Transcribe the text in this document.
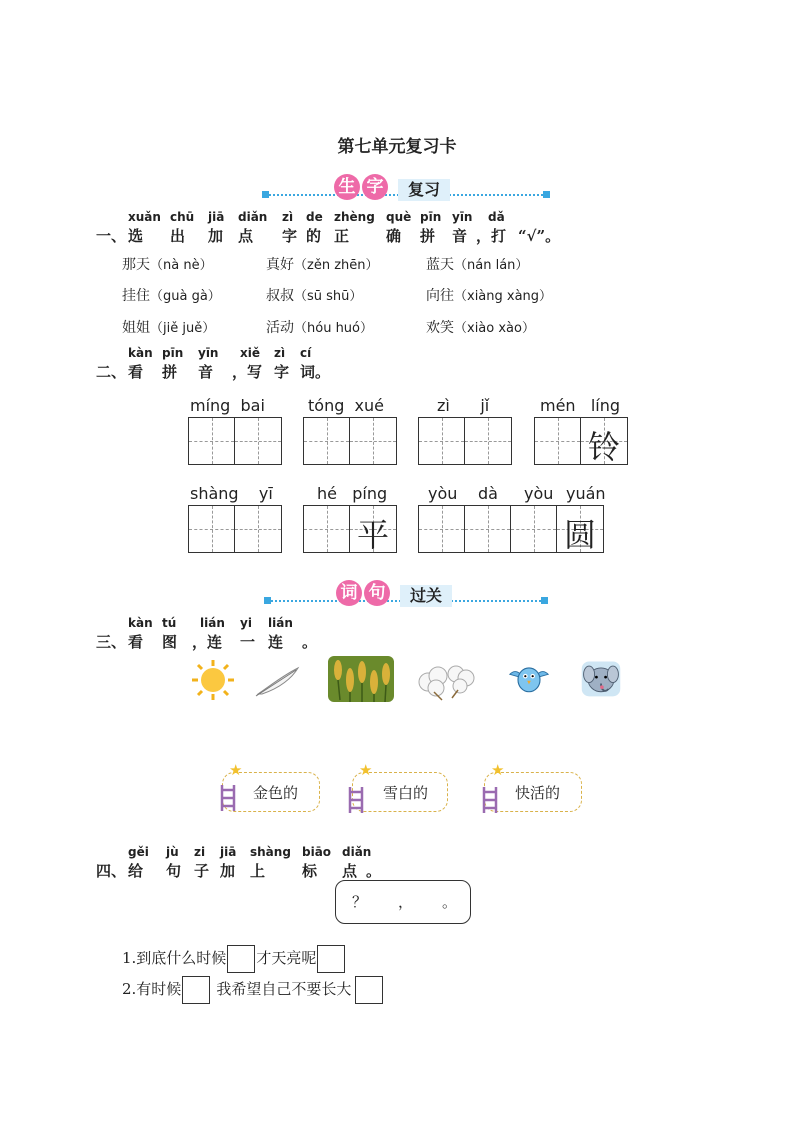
第七单元复习卡
生 字	复习
xuǎn chū	jiā	diǎn	zì	de zhèng què pīn yīn	dǎ
一、 选	出	加 点	字 的 正	确	拼	音 ，打 “√”。
那天（nà nè）	真好（zěn zhēn）	蓝天（nán lán）
挂住（guà gà）	叔叔（sū shū）	向往（xiàng xàng）
姐姐（jiě juě）	活动（hóu huó）	欢笑（xiào xào）
kàn pīn	yīn	xiě	zì	cí
二、 看	拼	音	，写 字 词。
míng bai	tóng xué	zì jǐ	mén líng
铃
shàng yī	hé píng
平
yòu	dà	yòu yuán
圆
词 句	过关
kàn tú	lián	yi	lián
三、 看	图 ，连	一 连	。
★
金色的
★
雪白的
★
快活的
gěi	jù	zi	jiā	shàng biāo diǎn
四、 给	句 子 加 上	标	点 。
？ ， 。
1.到底什么时候 才天亮呢
2.有时候 我希望自己不要长大
